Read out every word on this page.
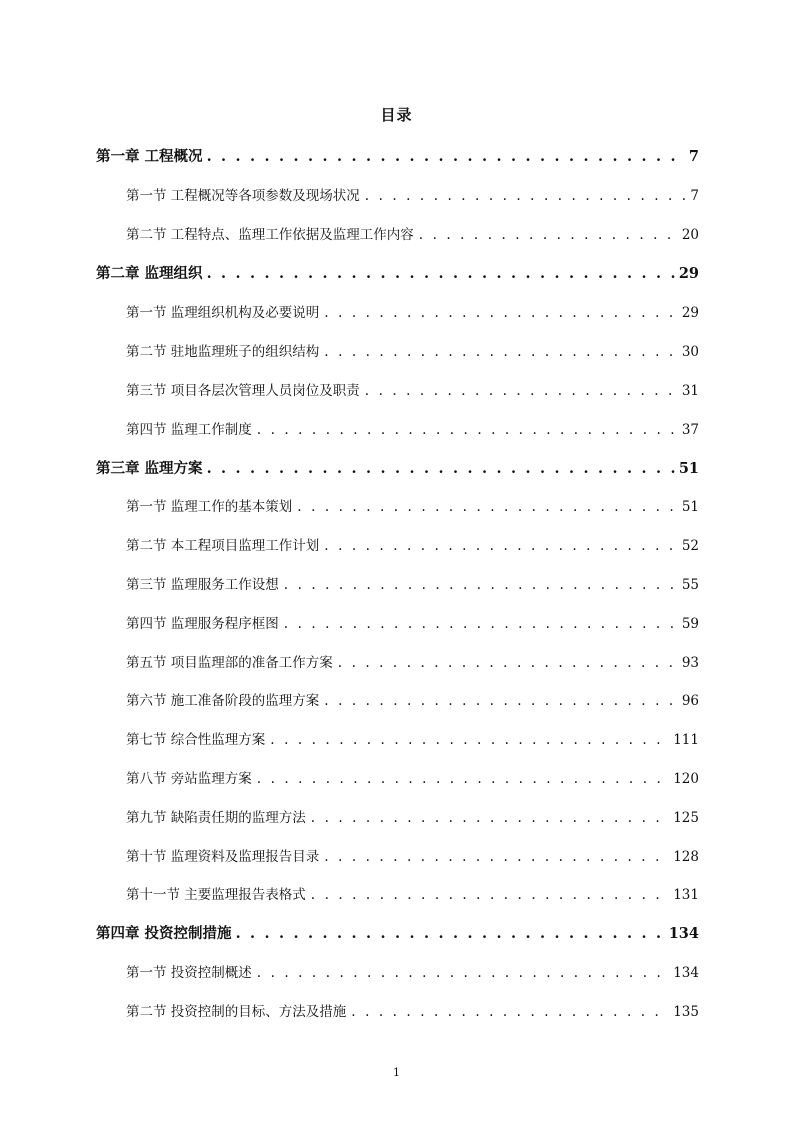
目录
第一章 工程概况 . . .	7
第一节 工程概况等各项参数及现场状况 . . .	7
第二节 工程特点、监理工作依据及监理工作内容 . . .	20
第二章 监理组织 . . .	29
第一节 监理组织机构及必要说明 . . .	29
第二节 驻地监理班子的组织结构 . . .	30
第三节 项目各层次管理人员岗位及职责 . . .	31
第四节 监理工作制度 . . .	37
第三章 监理方案 . . .	51
第一节 监理工作的基本策划 . . .	51
第二节 本工程项目监理工作计划 . . .	52
第三节 监理服务工作设想 . . .	55
第四节 监理服务程序框图 . . .	59
第五节 项目监理部的准备工作方案 . . .	93
第六节 施工准备阶段的监理方案 . . .	96
第七节 综合性监理方案 . . .	111
第八节 旁站监理方案 . . .	120
第九节 缺陷责任期的监理方法 . . .	125
第十节 监理资料及监理报告目录 . . .	128
第十一节 主要监理报告表格式 . . .	131
第四章 投资控制措施 . . .	134
第一节 投资控制概述 . . .	134
第二节 投资控制的目标、方法及措施 . . .	135
1
